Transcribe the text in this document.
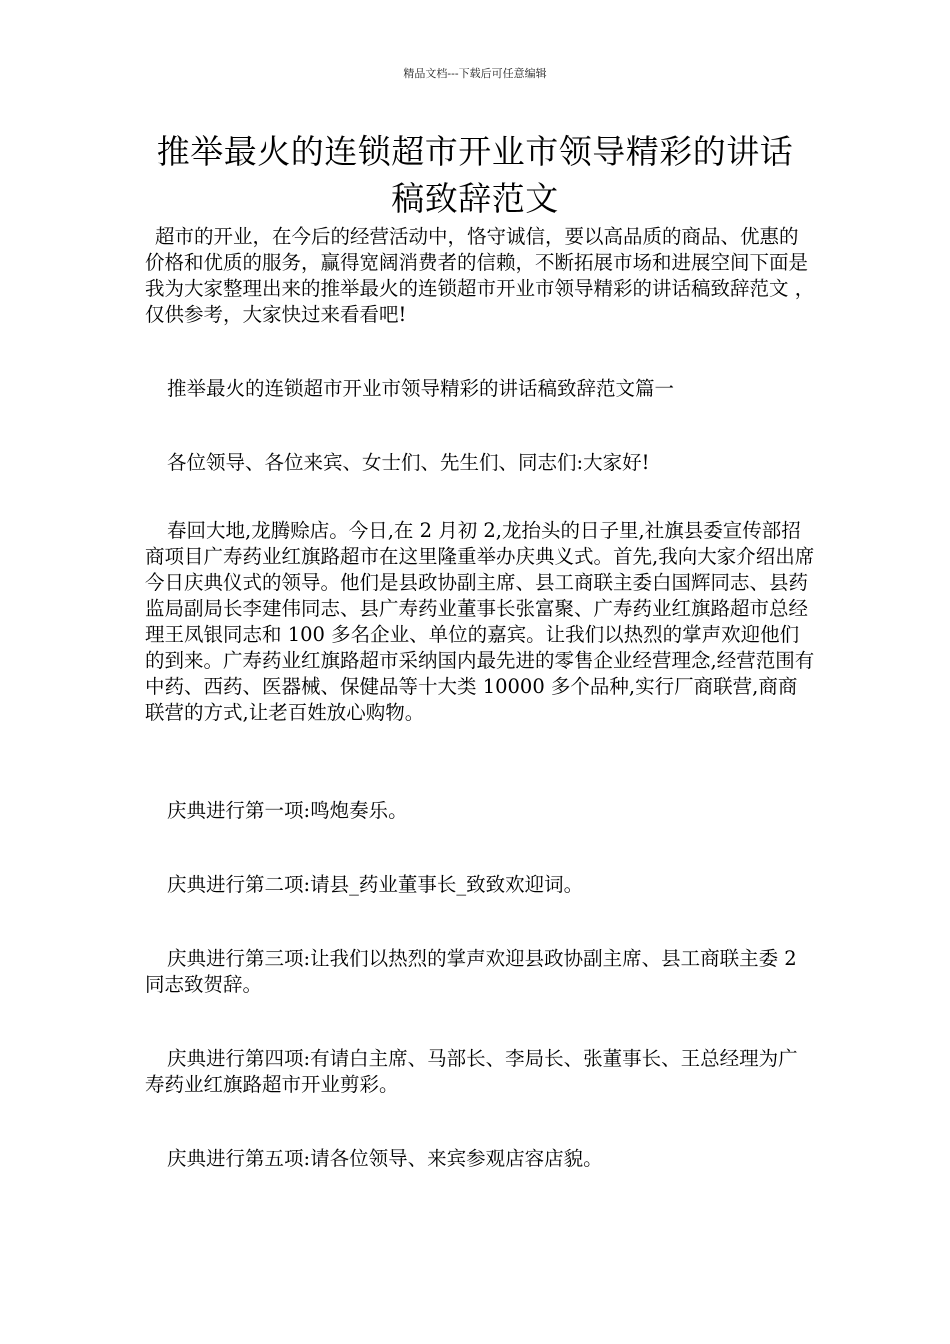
精品文档---下载后可任意编辑
推举最火的连锁超市开业市领导精彩的讲话稿致辞范文

超市的开业，在今后的经营活动中，恪守诚信，要以高品质的商品、优惠的价格和优质的服务，赢得宽阔消费者的信赖，不断拓展市场和进展空间下面是我为大家整理出来的推举最火的连锁超市开业市领导精彩的讲话稿致辞范文 ，仅供参考，大家快过来看看吧!

推举最火的连锁超市开业市领导精彩的讲话稿致辞范文篇一

各位领导、各位来宾、女士们、先生们、同志们:大家好!

春回大地,龙腾赊店。今日,在 2 月初 2,龙抬头的日子里,社旗县委宣传部招商项目广寿药业红旗路超市在这里隆重举办庆典义式。首先,我向大家介绍出席今日庆典仪式的领导。他们是县政协副主席、县工商联主委白国辉同志、县药监局副局长李建伟同志、县广寿药业董事长张富聚、广寿药业红旗路超市总经理王凤银同志和 100 多名企业、单位的嘉宾。让我们以热烈的掌声欢迎他们的到来。广寿药业红旗路超市采纳国内最先进的零售企业经营理念,经营范围有中药、西药、医器械、保健品等十大类 10000 多个品种,实行厂商联营,商商联营的方式,让老百姓放心购物。

庆典进行第一项:鸣炮奏乐。

庆典进行第二项:请县_药业董事长_致致欢迎词。

庆典进行第三项:让我们以热烈的掌声欢迎县政协副主席、县工商联主委 2 同志致贺辞。

庆典进行第四项:有请白主席、马部长、李局长、张董事长、王总经理为广寿药业红旗路超市开业剪彩。

庆典进行第五项:请各位领导、来宾参观店容店貌。
